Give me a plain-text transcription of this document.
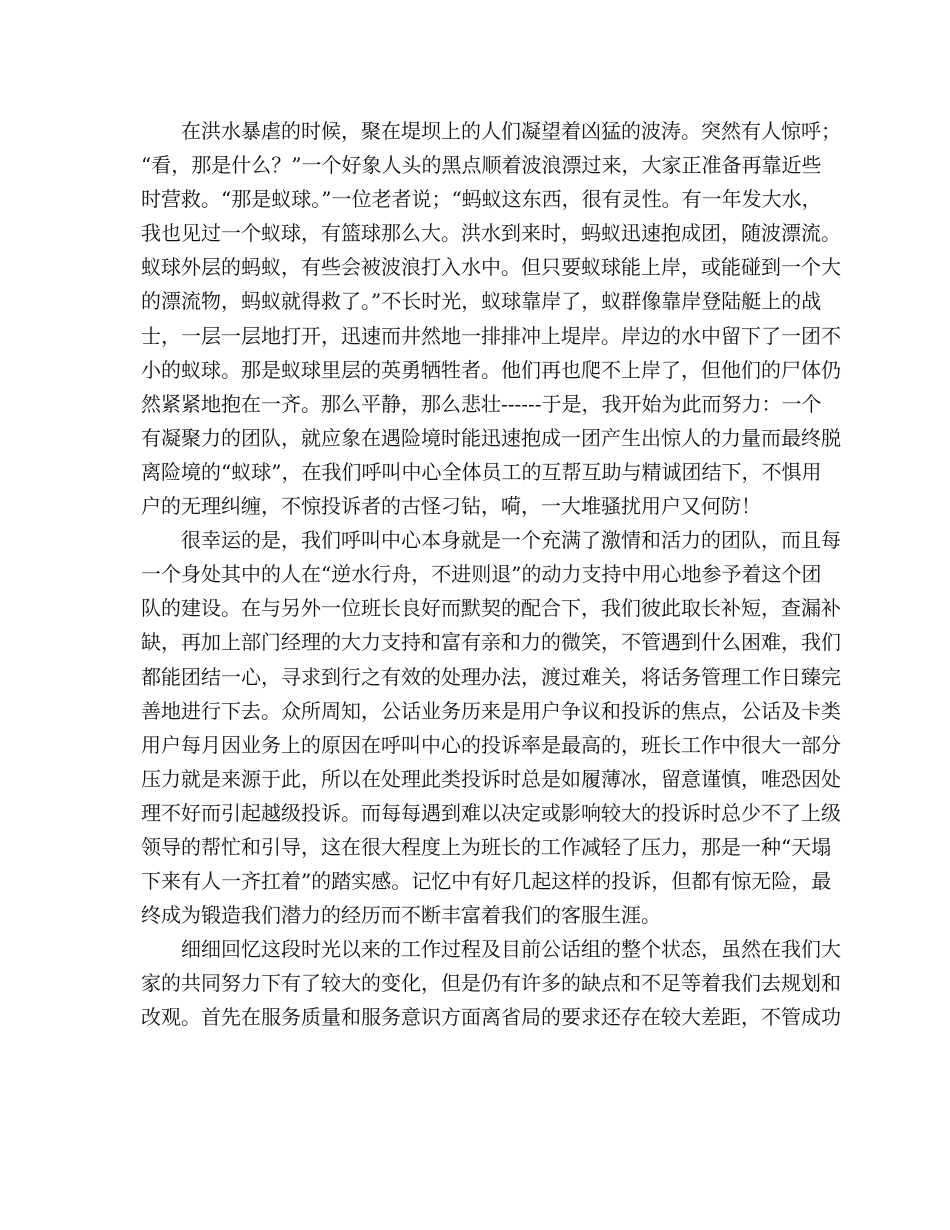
在洪水暴虐的时候，聚在堤坝上的人们凝望着凶猛的波涛。突然有人惊呼；
“看，那是什么？”一个好象人头的黑点顺着波浪漂过来，大家正准备再靠近些
时营救。“那是蚁球。”一位老者说；“蚂蚁这东西，很有灵性。有一年发大水，
我也见过一个蚁球，有篮球那么大。洪水到来时，蚂蚁迅速抱成团，随波漂流。
蚁球外层的蚂蚁，有些会被波浪打入水中。但只要蚁球能上岸，或能碰到一个大
的漂流物，蚂蚁就得救了。”不长时光，蚁球靠岸了，蚁群像靠岸登陆艇上的战
士，一层一层地打开，迅速而井然地一排排冲上堤岸。岸边的水中留下了一团不
小的蚁球。那是蚁球里层的英勇牺牲者。他们再也爬不上岸了，但他们的尸体仍
然紧紧地抱在一齐。那么平静，那么悲壮------于是，我开始为此而努力：一个
有凝聚力的团队，就应象在遇险境时能迅速抱成一团产生出惊人的力量而最终脱
离险境的“蚁球”，在我们呼叫中心全体员工的互帮互助与精诚团结下，不惧用
户的无理纠缠，不惊投诉者的古怪刁钻，嗬，一大堆骚扰用户又何防！
很幸运的是，我们呼叫中心本身就是一个充满了激情和活力的团队，而且每
一个身处其中的人在“逆水行舟，不进则退”的动力支持中用心地参予着这个团
队的建设。在与另外一位班长良好而默契的配合下，我们彼此取长补短，查漏补
缺，再加上部门经理的大力支持和富有亲和力的微笑，不管遇到什么困难，我们
都能团结一心，寻求到行之有效的处理办法，渡过难关，将话务管理工作日臻完
善地进行下去。众所周知，公话业务历来是用户争议和投诉的焦点，公话及卡类
用户每月因业务上的原因在呼叫中心的投诉率是最高的，班长工作中很大一部分
压力就是来源于此，所以在处理此类投诉时总是如履薄冰，留意谨慎，唯恐因处
理不好而引起越级投诉。而每每遇到难以决定或影响较大的投诉时总少不了上级
领导的帮忙和引导，这在很大程度上为班长的工作减轻了压力，那是一种“天塌
下来有人一齐扛着”的踏实感。记忆中有好几起这样的投诉，但都有惊无险，最
终成为锻造我们潜力的经历而不断丰富着我们的客服生涯。
细细回忆这段时光以来的工作过程及目前公话组的整个状态，虽然在我们大
家的共同努力下有了较大的变化，但是仍有许多的缺点和不足等着我们去规划和
改观。首先在服务质量和服务意识方面离省局的要求还存在较大差距，不管成功
